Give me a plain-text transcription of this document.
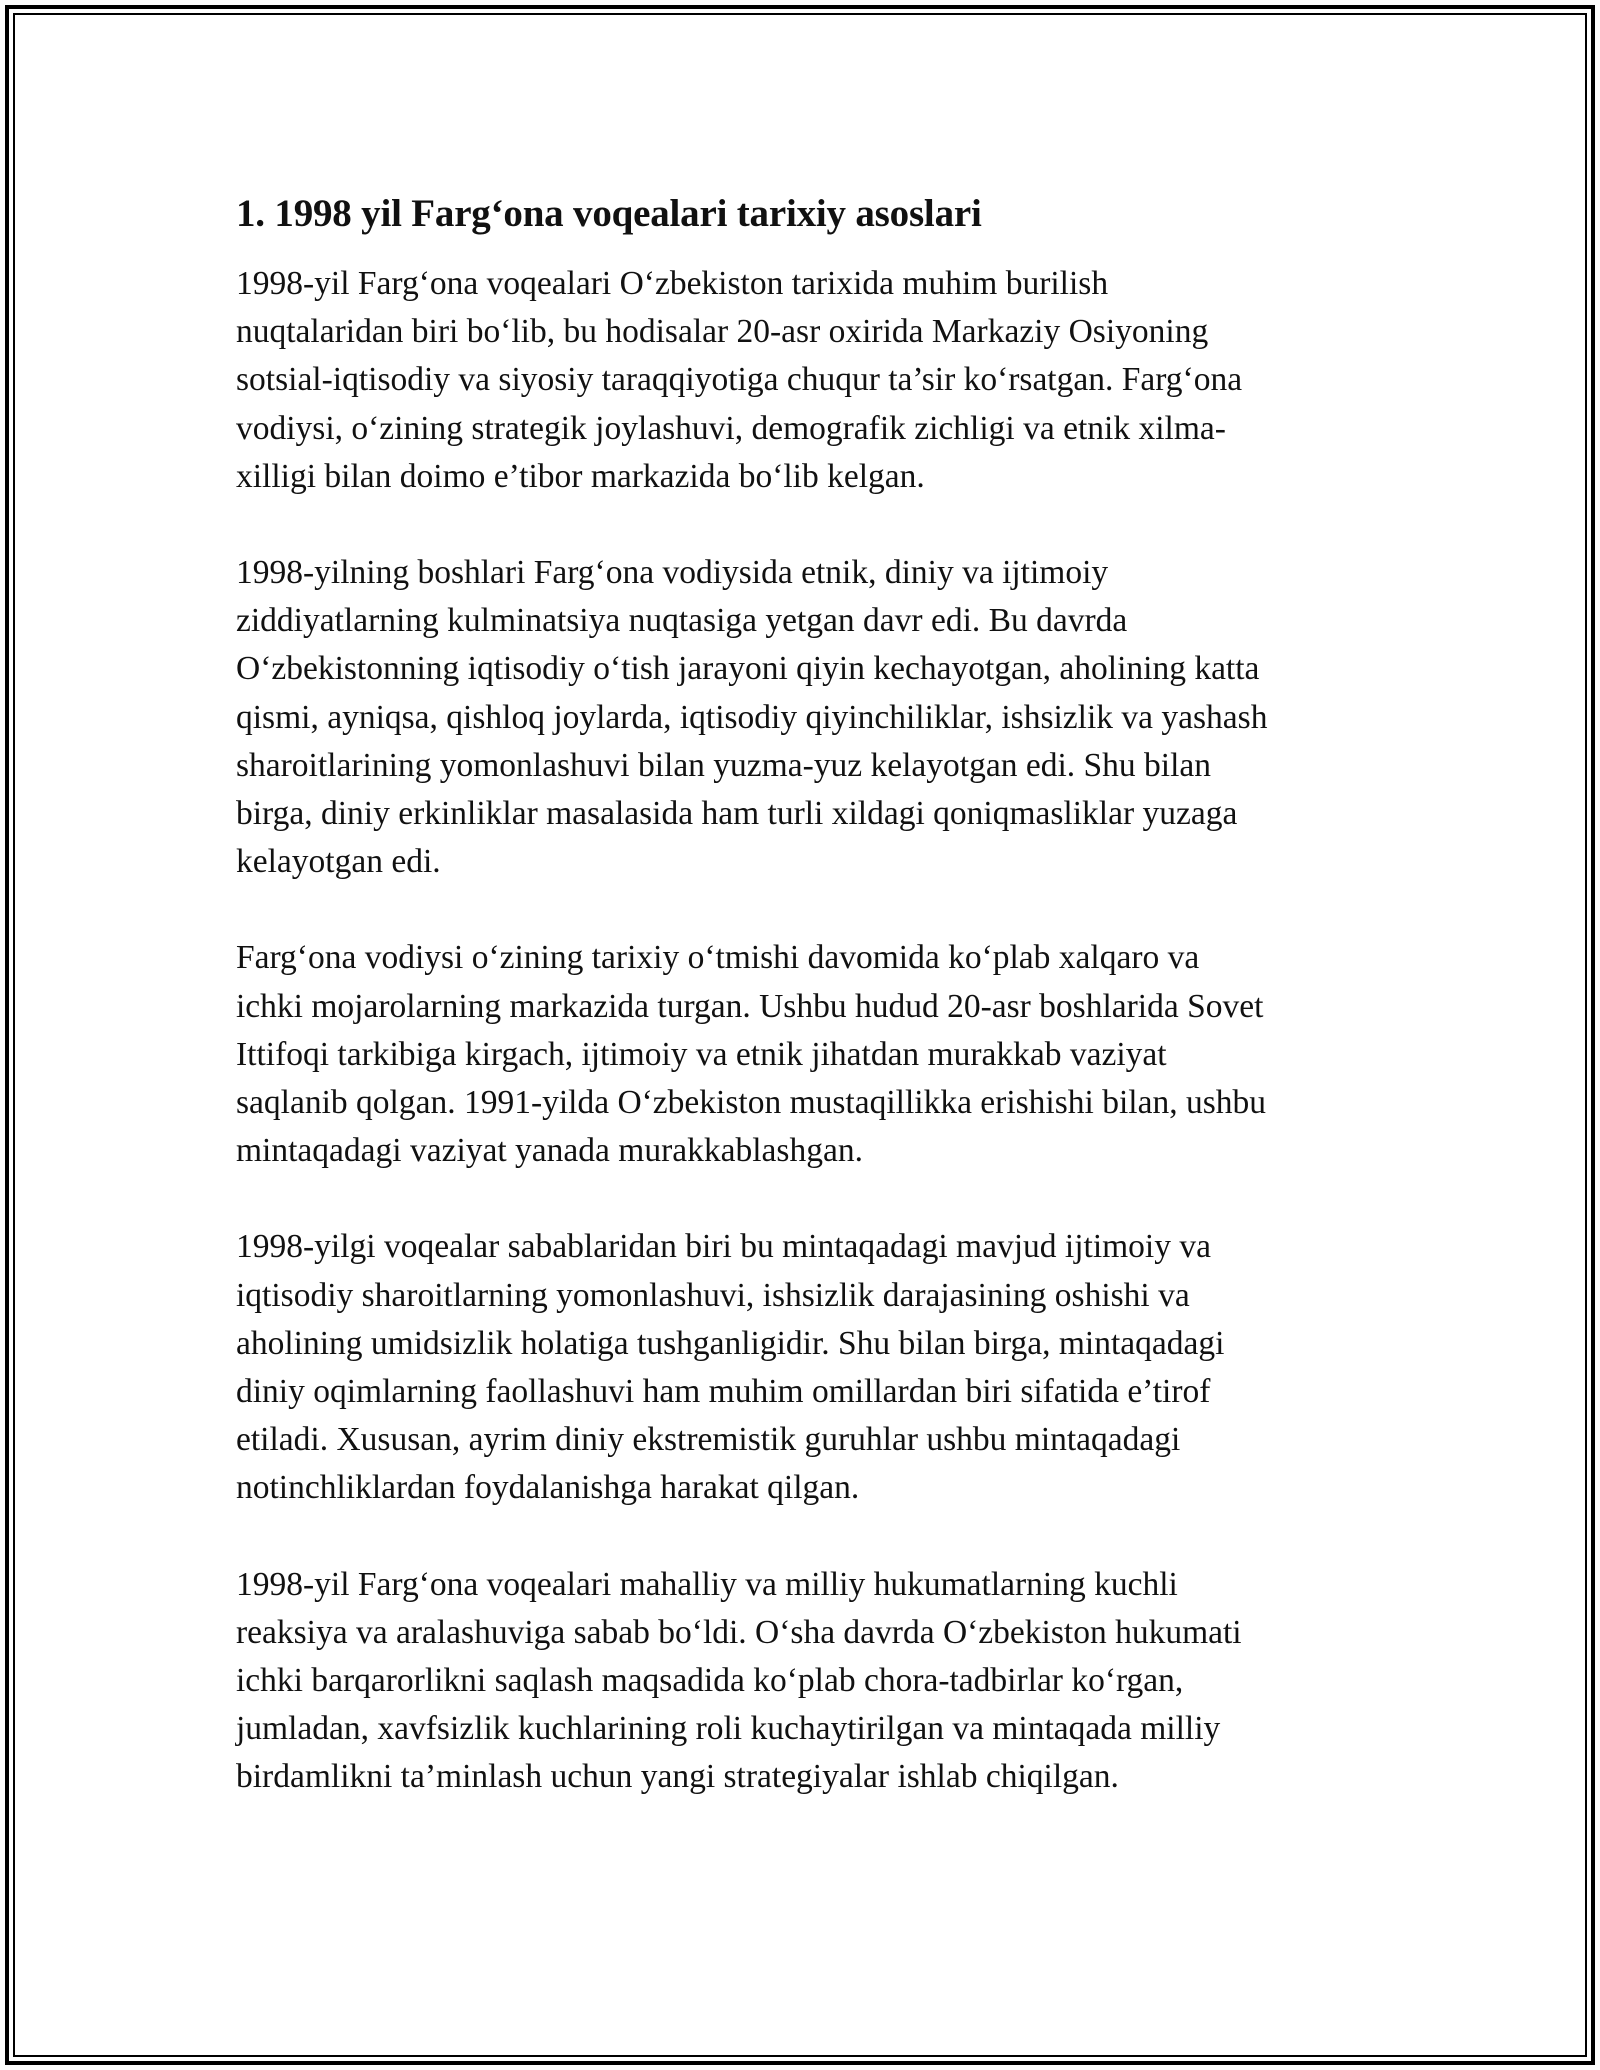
1. 1998 yil Farg‘ona voqealari tarixiy asoslari
1998-yil Farg‘ona voqealari O‘zbekiston tarixida muhim burilish
nuqtalaridan biri bo‘lib, bu hodisalar 20-asr oxirida Markaziy Osiyoning
sotsial-iqtisodiy va siyosiy taraqqiyotiga chuqur ta’sir ko‘rsatgan. Farg‘ona
vodiysi, o‘zining strategik joylashuvi, demografik zichligi va etnik xilma-
xilligi bilan doimo e’tibor markazida bo‘lib kelgan.
1998-yilning boshlari Farg‘ona vodiysida etnik, diniy va ijtimoiy
ziddiyatlarning kulminatsiya nuqtasiga yetgan davr edi. Bu davrda
O‘zbekistonning iqtisodiy o‘tish jarayoni qiyin kechayotgan, aholining katta
qismi, ayniqsa, qishloq joylarda, iqtisodiy qiyinchiliklar, ishsizlik va yashash
sharoitlarining yomonlashuvi bilan yuzma-yuz kelayotgan edi. Shu bilan
birga, diniy erkinliklar masalasida ham turli xildagi qoniqmasliklar yuzaga
kelayotgan edi.
Farg‘ona vodiysi o‘zining tarixiy o‘tmishi davomida ko‘plab xalqaro va
ichki mojarolarning markazida turgan. Ushbu hudud 20-asr boshlarida Sovet
Ittifoqi tarkibiga kirgach, ijtimoiy va etnik jihatdan murakkab vaziyat
saqlanib qolgan. 1991-yilda O‘zbekiston mustaqillikka erishishi bilan, ushbu
mintaqadagi vaziyat yanada murakkablashgan.
1998-yilgi voqealar sabablaridan biri bu mintaqadagi mavjud ijtimoiy va
iqtisodiy sharoitlarning yomonlashuvi, ishsizlik darajasining oshishi va
aholining umidsizlik holatiga tushganligidir. Shu bilan birga, mintaqadagi
diniy oqimlarning faollashuvi ham muhim omillardan biri sifatida e’tirof
etiladi. Xususan, ayrim diniy ekstremistik guruhlar ushbu mintaqadagi
notinchliklardan foydalanishga harakat qilgan.
1998-yil Farg‘ona voqealari mahalliy va milliy hukumatlarning kuchli
reaksiya va aralashuviga sabab bo‘ldi. O‘sha davrda O‘zbekiston hukumati
ichki barqarorlikni saqlash maqsadida ko‘plab chora-tadbirlar ko‘rgan,
jumladan, xavfsizlik kuchlarining roli kuchaytirilgan va mintaqada milliy
birdamlikni ta’minlash uchun yangi strategiyalar ishlab chiqilgan.
